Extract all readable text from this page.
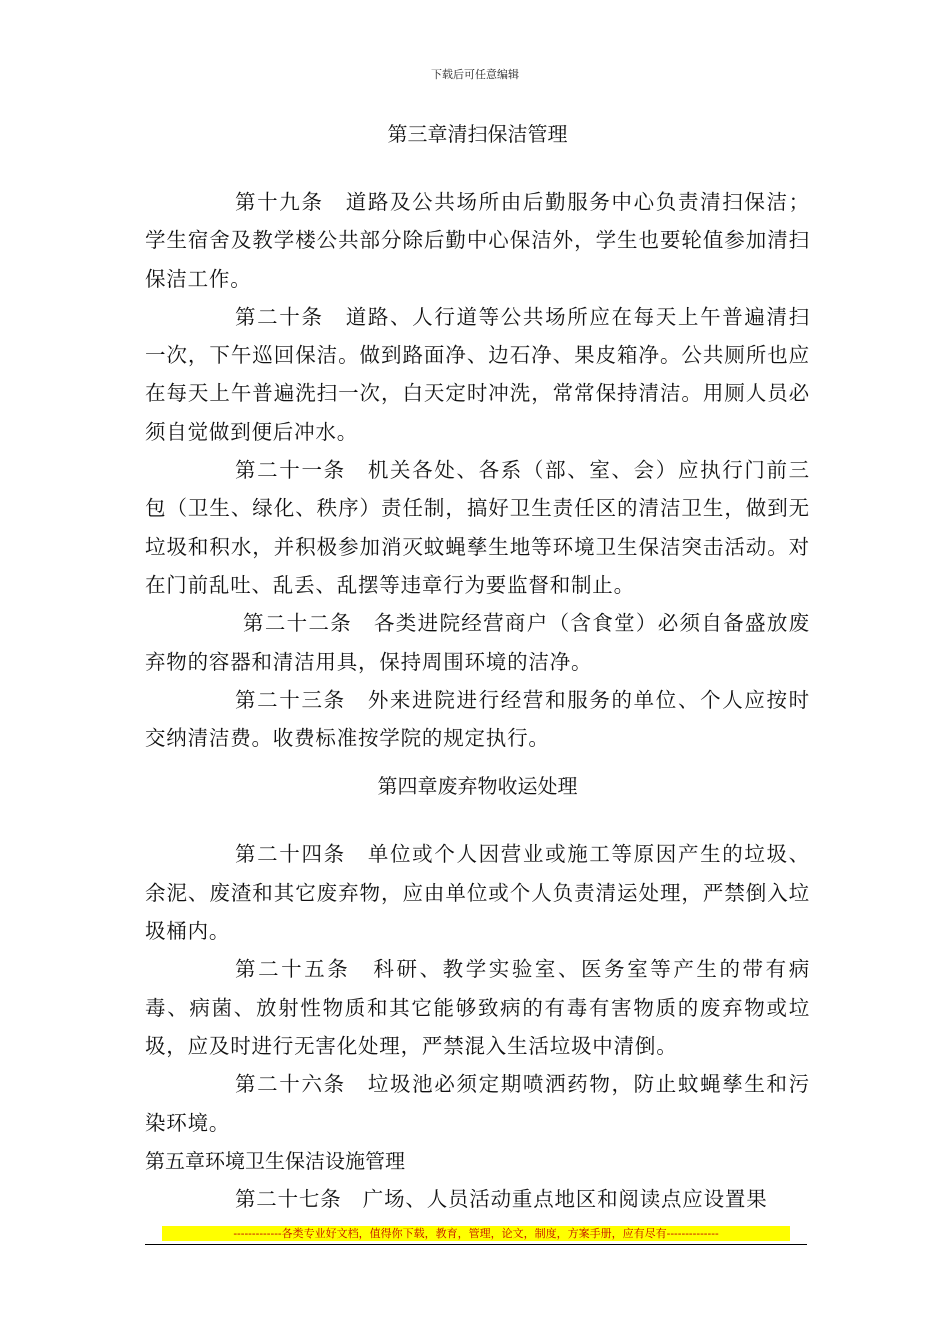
下载后可任意编辑
第三章清扫保洁管理

第十九条　道路及公共场所由后勤服务中心负责清扫保洁；学生宿舍及教学楼公共部分除后勤中心保洁外，学生也要轮值参加清扫保洁工作。

第二十条　道路、人行道等公共场所应在每天上午普遍清扫一次，下午巡回保洁。做到路面净、边石净、果皮箱净。公共厕所也应在每天上午普遍洗扫一次，白天定时冲洗，常常保持清洁。用厕人员必须自觉做到便后冲水。

第二十一条　机关各处、各系（部、室、会）应执行门前三包（卫生、绿化、秩序）责任制，搞好卫生责任区的清洁卫生，做到无垃圾和积水，并积极参加消灭蚊蝇孳生地等环境卫生保洁突击活动。对在门前乱吐、乱丢、乱摆等违章行为要监督和制止。

第二十二条　各类进院经营商户（含食堂）必须自备盛放废弃物的容器和清洁用具，保持周围环境的洁净。

第二十三条　外来进院进行经营和服务的单位、个人应按时交纳清洁费。收费标准按学院的规定执行。

第四章废弃物收运处理

第二十四条　单位或个人因营业或施工等原因产生的垃圾、余泥、废渣和其它废弃物，应由单位或个人负责清运处理，严禁倒入垃圾桶内。

第二十五条　科研、教学实验室、医务室等产生的带有病毒、病菌、放射性物质和其它能够致病的有毒有害物质的废弃物或垃圾，应及时进行无害化处理，严禁混入生活垃圾中清倒。

第二十六条　垃圾池必须定期喷洒药物，防止蚊蝇孳生和污染环境。

第五章环境卫生保洁设施管理

第二十七条　广场、人员活动重点地区和阅读点应设置果

-------------各类专业好文档，值得你下载，教育，管理，论文，制度，方案手册，应有尽有--------------
